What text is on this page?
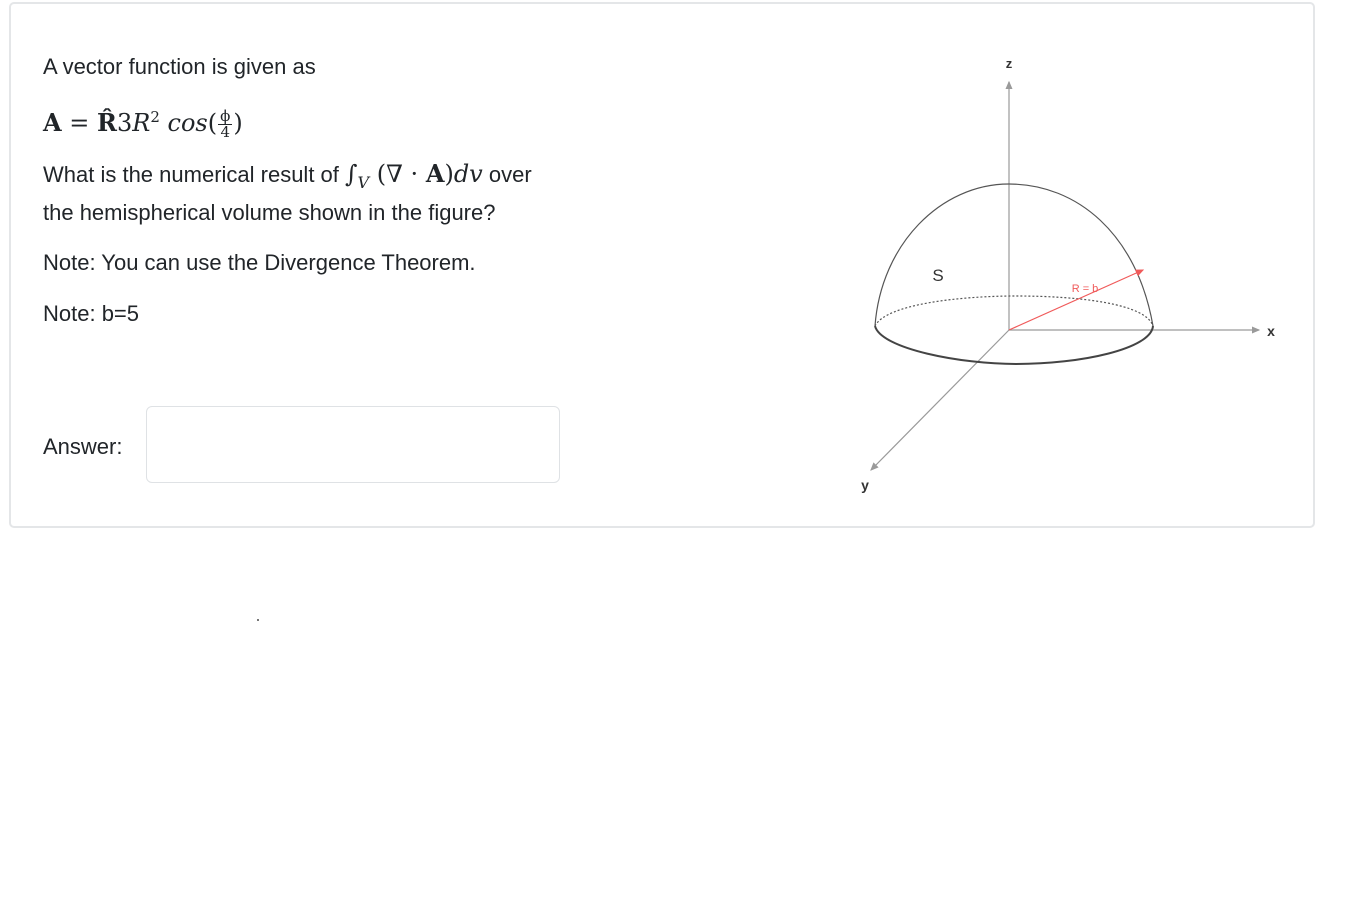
A vector function is given as
$A = R̂3R^2$ $\cos( \frac{\phi}{4}$ )
What is the numerical result of $\int_V$ (∇ · A)dv over
the hemispherical volume shown in the figure?
Note: You can use the Divergence Theorem.
Note: b=5
Answer:
z
x
y
S
R = b
